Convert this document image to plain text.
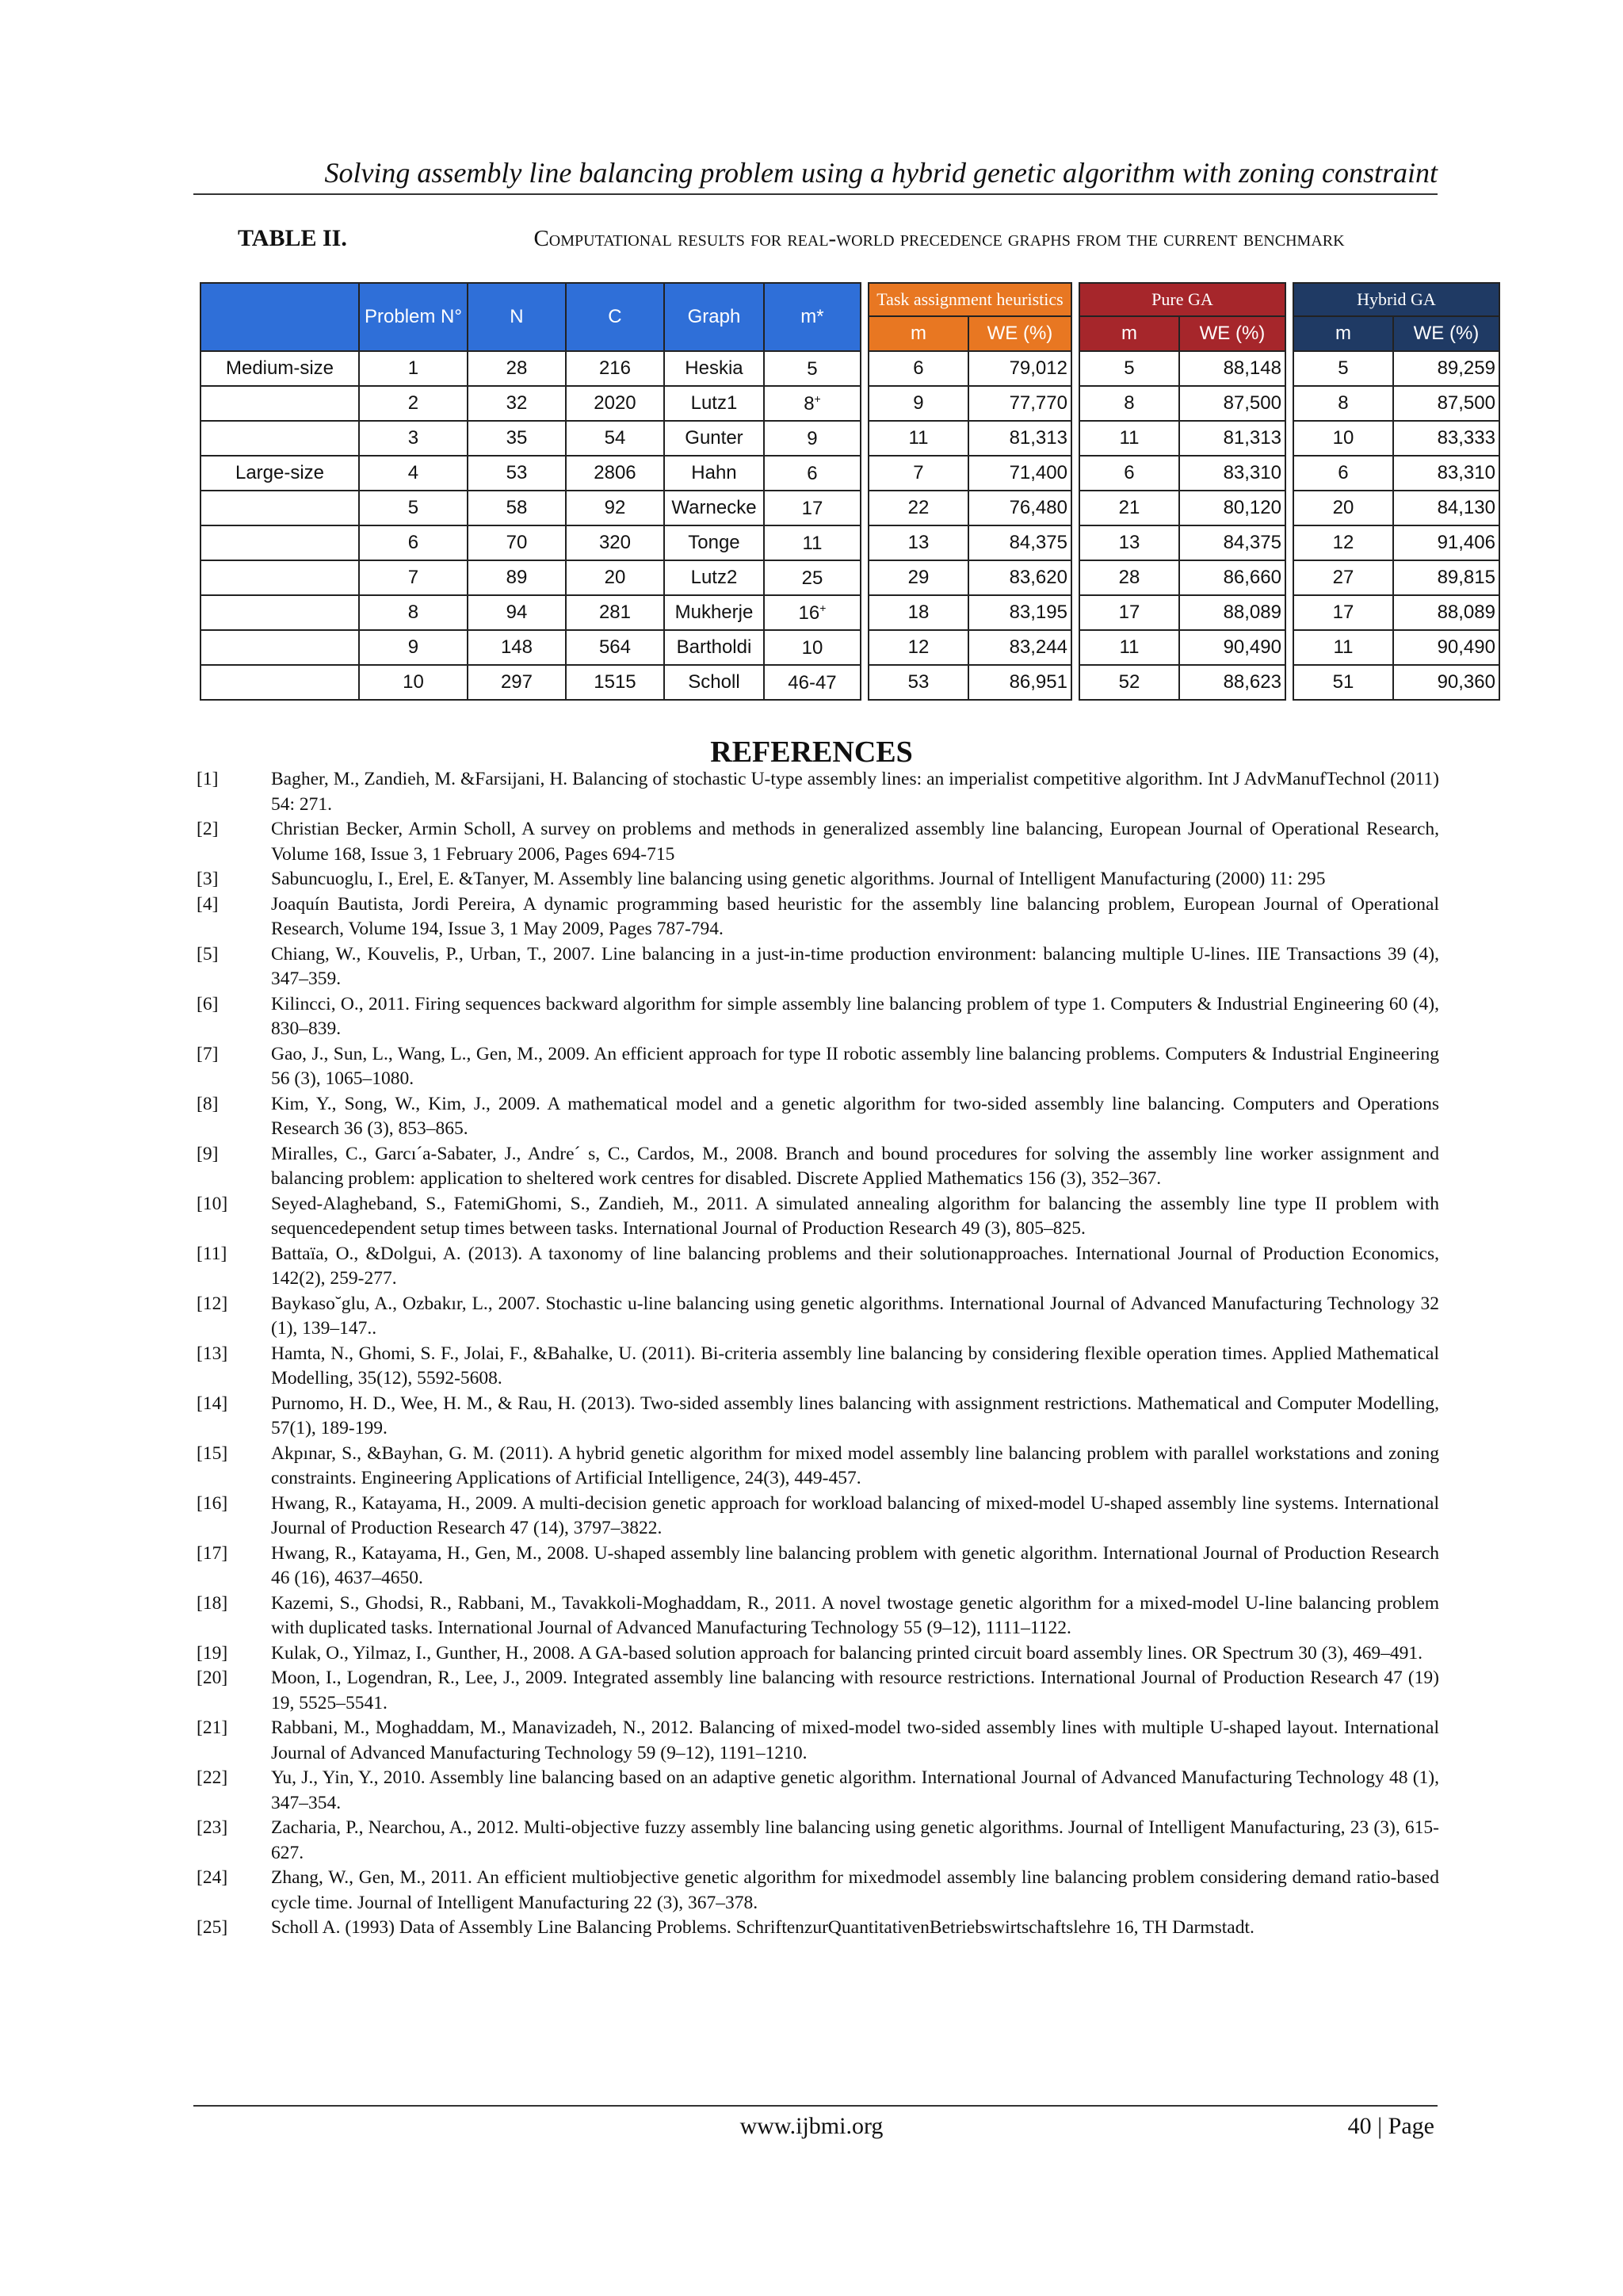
Solving assembly line balancing problem using a hybrid genetic algorithm with zoning constraint
TABLE II.	Computational results for real-world precedence graphs from the current benchmark
	Problem N°	N	C	Graph	m*		Task assignment heuristics			Pure GA			Hybrid GA	
							m	WE (%)		m	WE (%)		m	WE (%)
Medium-size	1	28	216	Heskia	5		6	79,012		5	88,148		5	89,259
	2	32	2020	Lutz1	8+		9	77,770		8	87,500		8	87,500
	3	35	54	Gunter	9		11	81,313		11	81,313		10	83,333
Large-size	4	53	2806	Hahn	6		7	71,400		6	83,310		6	83,310
	5	58	92	Warnecke	17		22	76,480		21	80,120		20	84,130
	6	70	320	Tonge	11		13	84,375		13	84,375		12	91,406
	7	89	20	Lutz2	25		29	83,620		28	86,660		27	89,815
	8	94	281	Mukherje	16+		18	83,195		17	88,089		17	88,089
	9	148	564	Bartholdi	10		12	83,244		11	90,490		11	90,490
	10	297	1515	Scholl	46-47		53	86,951		52	88,623		51	90,360
REFERENCES
[1]	Bagher, M., Zandieh, M. &Farsijani, H. Balancing of stochastic U-type assembly lines: an imperialist competitive algorithm. Int J AdvManufTechnol (2011) 54: 271.
[2]	Christian Becker, Armin Scholl, A survey on problems and methods in generalized assembly line balancing, European Journal of Operational Research, Volume 168, Issue 3, 1 February 2006, Pages 694-715
[3]	Sabuncuoglu, I., Erel, E. &Tanyer, M. Assembly line balancing using genetic algorithms. Journal of Intelligent Manufacturing (2000) 11: 295
[4]	Joaquín Bautista, Jordi Pereira, A dynamic programming based heuristic for the assembly line balancing problem, European Journal of Operational Research, Volume 194, Issue 3, 1 May 2009, Pages 787-794.
[5]	Chiang, W., Kouvelis, P., Urban, T., 2007. Line balancing in a just-in-time production environment: balancing multiple U-lines. IIE Transactions 39 (4), 347–359.
[6]	Kilincci, O., 2011. Firing sequences backward algorithm for simple assembly line balancing problem of type 1. Computers & Industrial Engineering 60 (4), 830–839.
[7]	Gao, J., Sun, L., Wang, L., Gen, M., 2009. An efficient approach for type II robotic assembly line balancing problems. Computers & Industrial Engineering 56 (3), 1065–1080.
[8]	Kim, Y., Song, W., Kim, J., 2009. A mathematical model and a genetic algorithm for two-sided assembly line balancing. Computers and Operations Research 36 (3), 853–865.
[9]	Miralles, C., Garcı´a-Sabater, J., Andre´ s, C., Cardos, M., 2008. Branch and bound procedures for solving the assembly line worker assignment and balancing problem: application to sheltered work centres for disabled. Discrete Applied Mathematics 156 (3), 352–367.
[10]	Seyed-Alagheband, S., FatemiGhomi, S., Zandieh, M., 2011. A simulated annealing algorithm for balancing the assembly line type II problem with sequencedependent setup times between tasks. International Journal of Production Research 49 (3), 805–825.
[11]	Battaïa, O., &Dolgui, A. (2013). A taxonomy of line balancing problems and their solutionapproaches. International Journal of Production Economics, 142(2), 259-277.
[12]	Baykaso˘glu, A., Ozbakır, L., 2007. Stochastic u-line balancing using genetic algorithms. International Journal of Advanced Manufacturing Technology 32 (1), 139–147..
[13]	Hamta, N., Ghomi, S. F., Jolai, F., &Bahalke, U. (2011). Bi-criteria assembly line balancing by considering flexible operation times. Applied Mathematical Modelling, 35(12), 5592-5608.
[14]	Purnomo, H. D., Wee, H. M., & Rau, H. (2013). Two-sided assembly lines balancing with assignment restrictions. Mathematical and Computer Modelling, 57(1), 189-199.
[15]	Akpınar, S., &Bayhan, G. M. (2011). A hybrid genetic algorithm for mixed model assembly line balancing problem with parallel workstations and zoning constraints. Engineering Applications of Artificial Intelligence, 24(3), 449-457.
[16]	Hwang, R., Katayama, H., 2009. A multi-decision genetic approach for workload balancing of mixed-model U-shaped assembly line systems. International Journal of Production Research 47 (14), 3797–3822.
[17]	Hwang, R., Katayama, H., Gen, M., 2008. U-shaped assembly line balancing problem with genetic algorithm. International Journal of Production Research 46 (16), 4637–4650.
[18]	Kazemi, S., Ghodsi, R., Rabbani, M., Tavakkoli-Moghaddam, R., 2011. A novel twostage genetic algorithm for a mixed-model U-line balancing problem with duplicated tasks. International Journal of Advanced Manufacturing Technology 55 (9–12), 1111–1122.
[19]	Kulak, O., Yilmaz, I., Gunther, H., 2008. A GA-based solution approach for balancing printed circuit board assembly lines. OR Spectrum 30 (3), 469–491.
[20]	Moon, I., Logendran, R., Lee, J., 2009. Integrated assembly line balancing with resource restrictions. International Journal of Production Research 47 (19) 19, 5525–5541.
[21]	Rabbani, M., Moghaddam, M., Manavizadeh, N., 2012. Balancing of mixed-model two-sided assembly lines with multiple U-shaped layout. International Journal of Advanced Manufacturing Technology 59 (9–12), 1191–1210.
[22]	Yu, J., Yin, Y., 2010. Assembly line balancing based on an adaptive genetic algorithm. International Journal of Advanced Manufacturing Technology 48 (1), 347–354.
[23]	Zacharia, P., Nearchou, A., 2012. Multi-objective fuzzy assembly line balancing using genetic algorithms. Journal of Intelligent Manufacturing, 23 (3), 615-627.
[24]	Zhang, W., Gen, M., 2011. An efficient multiobjective genetic algorithm for mixedmodel assembly line balancing problem considering demand ratio-based cycle time. Journal of Intelligent Manufacturing 22 (3), 367–378.
[25]	Scholl A. (1993) Data of Assembly Line Balancing Problems. SchriftenzurQuantitativenBetriebswirtschaftslehre 16, TH Darmstadt.
www.ijbmi.org	40 | Page
